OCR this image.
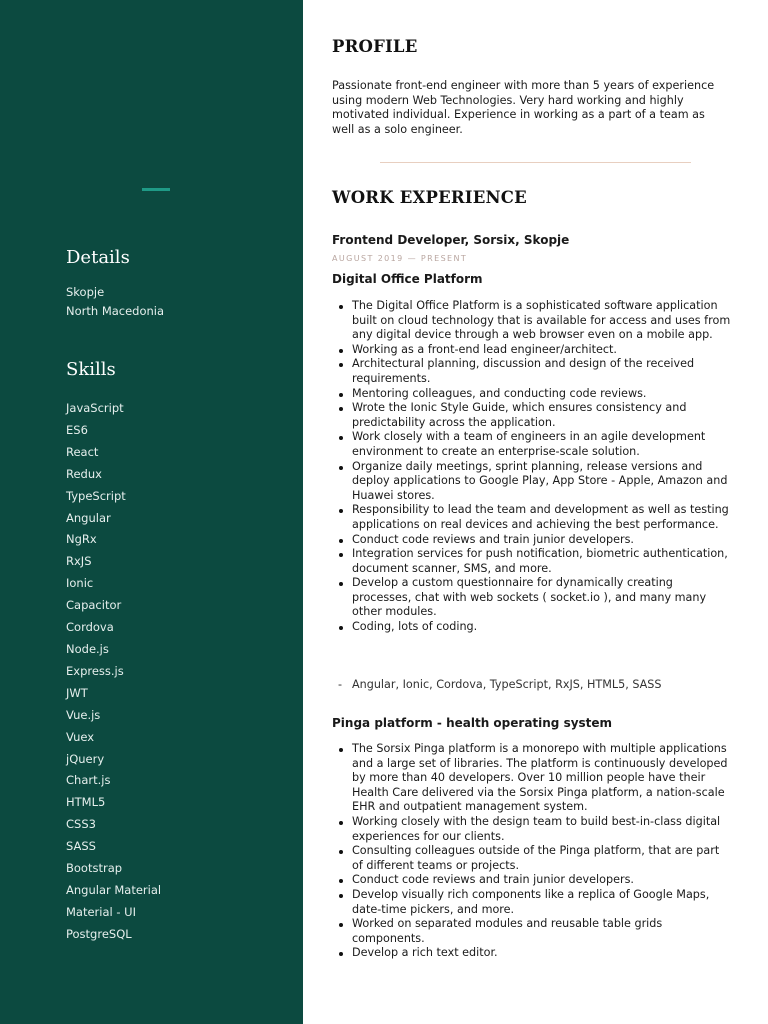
Details
Skopje
North Macedonia
Skills
JavaScript
ES6
React
Redux
TypeScript
Angular
NgRx
RxJS
Ionic
Capacitor
Cordova
Node.js
Express.js
JWT
Vue.js
Vuex
jQuery
Chart.js
HTML5
CSS3
SASS
Bootstrap
Angular Material
Material - UI
PostgreSQL
PROFILE

Passionate front-end engineer with more than 5 years of experience using modern Web Technologies. Very hard working and highly motivated individual. Experience in working as a part of a team as well as a solo engineer.

WORK EXPERIENCE
Frontend Developer, Sorsix, Skopje
AUGUST 2019 — PRESENT
Digital Office Platform
The Digital Office Platform is a sophisticated software application built on cloud technology that is available for access and uses from any digital device through a web browser even on a mobile app.
Working as a front-end lead engineer/architect.
Architectural planning, discussion and design of the received requirements.
Mentoring colleagues, and conducting code reviews.
Wrote the Ionic Style Guide, which ensures consistency and predictability across the application.
Work closely with a team of engineers in an agile development environment to create an enterprise-scale solution.
Organize daily meetings, sprint planning, release versions and deploy applications to Google Play, App Store - Apple, Amazon and Huawei stores.
Responsibility to lead the team and development as well as testing applications on real devices and achieving the best performance.
Conduct code reviews and train junior developers.
Integration services for push notification, biometric authentication, document scanner, SMS, and more.
Develop a custom questionnaire for dynamically creating processes, chat with web sockets ( socket.io ), and many many other modules.
Coding, lots of coding.
- Angular, Ionic, Cordova, TypeScript, RxJS, HTML5, SASS
Pinga platform - health operating system
The Sorsix Pinga platform is a monorepo with multiple applications and a large set of libraries. The platform is continuously developed by more than 40 developers. Over 10 million people have their Health Care delivered via the Sorsix Pinga platform, a nation-scale EHR and outpatient management system.
Working closely with the design team to build best-in-class digital experiences for our clients.
Consulting colleagues outside of the Pinga platform, that are part of different teams or projects.
Conduct code reviews and train junior developers.
Develop visually rich components like a replica of Google Maps, date-time pickers, and more.
Worked on separated modules and reusable table grids components.
Develop a rich text editor.
